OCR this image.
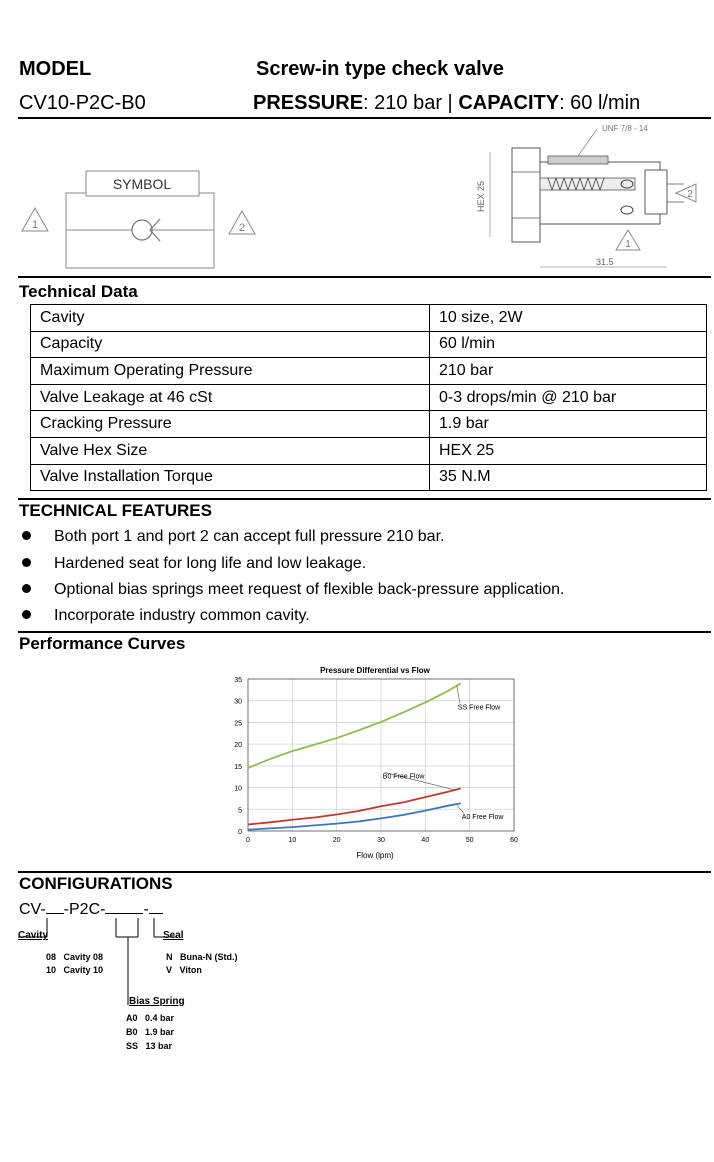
MODEL	Screw-in type check valve
CV10-P2C-B0	PRESSURE: 210 bar | CAPACITY: 60 l/min
SYMBOL
1	2
UNF 7/8 - 14
HEX 25	2
1
31.5
Technical Data
Cavity	10 size, 2W
Capacity	60 l/min
Maximum Operating Pressure	210 bar
Valve Leakage at 46 cSt	0-3 drops/min @ 210 bar
Cracking Pressure	1.9 bar
Valve Hex Size	HEX 25
Valve Installation Torque	35 N.M
TECHNICAL FEATURES
Both port 1 and port 2 can accept full pressure 210 bar.
Hardened seat for long life and low leakage.
Optional bias springs meet request of flexible back-pressure application.
Incorporate industry common cavity.
Performance Curves
Pressure Differential vs Flow
0	10	20	30	40	50	60
0
5
10
15
20
25
30
35
SS Free Flow
B0 Free Flow
A0 Free Flow
Flow (lpm)
CONFIGURATIONS
CV- -P2C- -
Cavity
08 Cavity 08
10 Cavity 10
Seal
N Buna-N (Std.)
V Viton
Bias Spring
A0 0.4 bar
B0 1.9 bar
SS 13 bar
